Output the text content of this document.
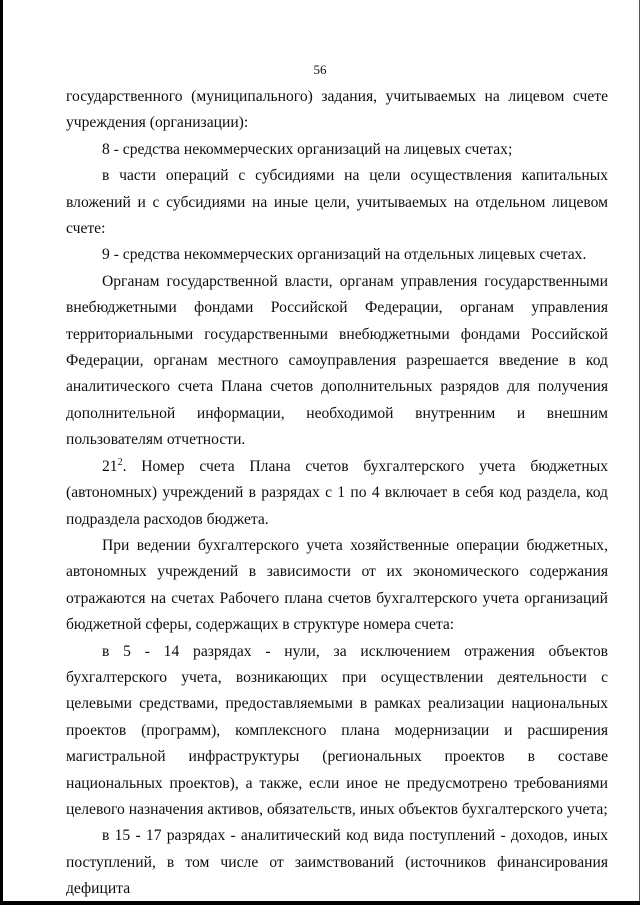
56

государственного (муниципального) задания, учитываемых на лицевом счете учреждения (организации):

8 - средства некоммерческих организаций на лицевых счетах;

в части операций с субсидиями на цели осуществления капитальных вложений и с субсидиями на иные цели, учитываемых на отдельном лицевом счете:

9 - средства некоммерческих организаций на отдельных лицевых счетах.

Органам государственной власти, органам управления государственными внебюджетными фондами Российской Федерации, органам управления территориальными государственными внебюджетными фондами Российской Федерации, органам местного самоуправления разрешается введение в код аналитического счета Плана счетов дополнительных разрядов для получения дополнительной информации, необходимой внутренним и внешним пользователям отчетности.

$21^2$. Номер счета Плана счетов бухгалтерского учета бюджетных (автономных) учреждений в разрядах с 1 по 4 включает в себя код раздела, код подраздела расходов бюджета.

При ведении бухгалтерского учета хозяйственные операции бюджетных, автономных учреждений в зависимости от их экономического содержания отражаются на счетах Рабочего плана счетов бухгалтерского учета организаций бюджетной сферы, содержащих в структуре номера счета:

в 5 - 14 разрядах - нули, за исключением отражения объектов бухгалтерского учета, возникающих при осуществлении деятельности с целевыми средствами, предоставляемыми в рамках реализации национальных проектов (программ), комплексного плана модернизации и расширения магистральной инфраструктуры (региональных проектов в составе национальных проектов), а также, если иное не предусмотрено требованиями целевого назначения активов, обязательств, иных объектов бухгалтерского учета;

в 15 - 17 разрядах - аналитический код вида поступлений - доходов, иных поступлений, в том числе от заимствований (источников финансирования дефицита
